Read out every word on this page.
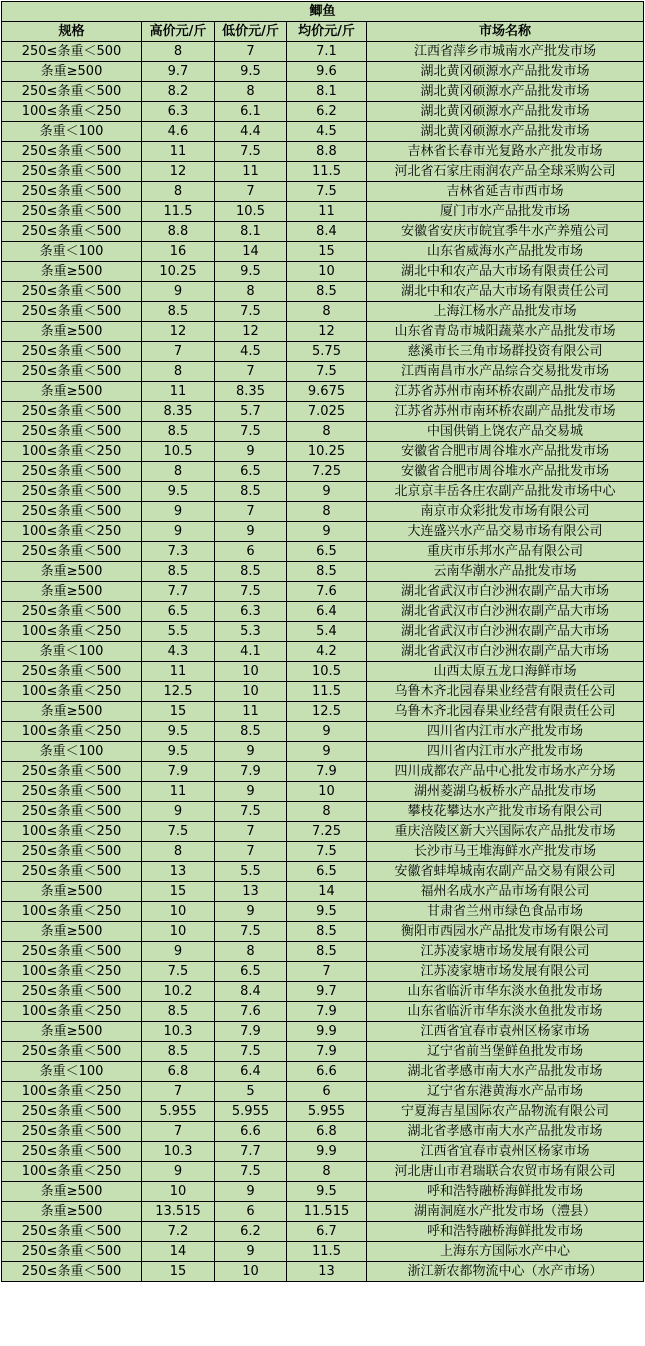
鲫鱼				
规格	高价元/斤	低价元/斤	均价元/斤	市场名称
250≤条重＜500	8	7	7.1	江西省萍乡市城南水产批发市场
条重≥500	9.7	9.5	9.6	湖北黄冈硕源水产品批发市场
250≤条重＜500	8.2	8	8.1	湖北黄冈硕源水产品批发市场
100≤条重＜250	6.3	6.1	6.2	湖北黄冈硕源水产品批发市场
条重＜100	4.6	4.4	4.5	湖北黄冈硕源水产品批发市场
250≤条重＜500	11	7.5	8.8	吉林省长春市光复路水产批发市场
250≤条重＜500	12	11	11.5	河北省石家庄雨润农产品全球采购公司
250≤条重＜500	8	7	7.5	吉林省延吉市西市场
250≤条重＜500	11.5	10.5	11	厦门市水产品批发市场
250≤条重＜500	8.8	8.1	8.4	安徽省安庆市皖宜季牛水产养殖公司
条重＜100	16	14	15	山东省威海水产品批发市场
条重≥500	10.25	9.5	10	湖北中和农产品大市场有限责任公司
250≤条重＜500	9	8	8.5	湖北中和农产品大市场有限责任公司
250≤条重＜500	8.5	7.5	8	上海江杨水产品批发市场
条重≥500	12	12	12	山东省青岛市城阳蔬菜水产品批发市场
250≤条重＜500	7	4.5	5.75	慈溪市长三角市场群投资有限公司
250≤条重＜500	8	7	7.5	江西南昌市水产品综合交易批发市场
条重≥500	11	8.35	9.675	江苏省苏州市南环桥农副产品批发市场
250≤条重＜500	8.35	5.7	7.025	江苏省苏州市南环桥农副产品批发市场
250≤条重＜500	8.5	7.5	8	中国供销上饶农产品交易城
100≤条重＜250	10.5	9	10.25	安徽省合肥市周谷堆水产品批发市场
250≤条重＜500	8	6.5	7.25	安徽省合肥市周谷堆水产品批发市场
250≤条重＜500	9.5	8.5	9	北京京丰岳各庄农副产品批发市场中心
250≤条重＜500	9	7	8	南京市众彩批发市场有限公司
100≤条重＜250	9	9	9	大连盛兴水产品交易市场有限公司
250≤条重＜500	7.3	6	6.5	重庆市乐邦水产品有限公司
条重≥500	8.5	8.5	8.5	云南华潮水产品批发市场
条重≥500	7.7	7.5	7.6	湖北省武汉市白沙洲农副产品大市场
250≤条重＜500	6.5	6.3	6.4	湖北省武汉市白沙洲农副产品大市场
100≤条重＜250	5.5	5.3	5.4	湖北省武汉市白沙洲农副产品大市场
条重＜100	4.3	4.1	4.2	湖北省武汉市白沙洲农副产品大市场
250≤条重＜500	11	10	10.5	山西太原五龙口海鲜市场
100≤条重＜250	12.5	10	11.5	乌鲁木齐北园春果业经营有限责任公司
条重≥500	15	11	12.5	乌鲁木齐北园春果业经营有限责任公司
100≤条重＜250	9.5	8.5	9	四川省内江市水产批发市场
条重＜100	9.5	9	9	四川省内江市水产批发市场
250≤条重＜500	7.9	7.9	7.9	四川成都农产品中心批发市场水产分场
250≤条重＜500	11	9	10	湖州菱湖乌板桥水产品批发市场
250≤条重＜500	9	7.5	8	攀枝花攀达水产批发市场有限公司
100≤条重＜250	7.5	7	7.25	重庆涪陵区新大兴国际农产品批发市场
250≤条重＜500	8	7	7.5	长沙市马王堆海鲜水产批发市场
250≤条重＜500	13	5.5	6.5	安徽省蚌埠城南农副产品交易有限公司
条重≥500	15	13	14	福州名成水产品市场有限公司
100≤条重＜250	10	9	9.5	甘肃省兰州市绿色食品市场
条重≥500	10	7.5	8.5	衡阳市西园水产品批发市场有限公司
250≤条重＜500	9	8	8.5	江苏凌家塘市场发展有限公司
100≤条重＜250	7.5	6.5	7	江苏凌家塘市场发展有限公司
250≤条重＜500	10.2	8.4	9.7	山东省临沂市华东淡水鱼批发市场
100≤条重＜250	8.5	7.6	7.9	山东省临沂市华东淡水鱼批发市场
条重≥500	10.3	7.9	9.9	江西省宜春市袁州区杨家市场
250≤条重＜500	8.5	7.5	7.9	辽宁省前当堡鲜鱼批发市场
条重＜100	6.8	6.4	6.6	湖北省孝感市南大水产品批发市场
100≤条重＜250	7	5	6	辽宁省东港黄海水产品市场
250≤条重＜500	5.955	5.955	5.955	宁夏海吉星国际农产品物流有限公司
250≤条重＜500	7	6.6	6.8	湖北省孝感市南大水产品批发市场
250≤条重＜500	10.3	7.7	9.9	江西省宜春市袁州区杨家市场
100≤条重＜250	9	7.5	8	河北唐山市君瑞联合农贸市场有限公司
条重≥500	10	9	9.5	呼和浩特融桥海鲜批发市场
条重≥500	13.515	6	11.515	湖南洞庭水产批发市场（澧县）
250≤条重＜500	7.2	6.2	6.7	呼和浩特融桥海鲜批发市场
250≤条重＜500	14	9	11.5	上海东方国际水产中心
250≤条重＜500	15	10	13	浙江新农都物流中心（水产市场）
